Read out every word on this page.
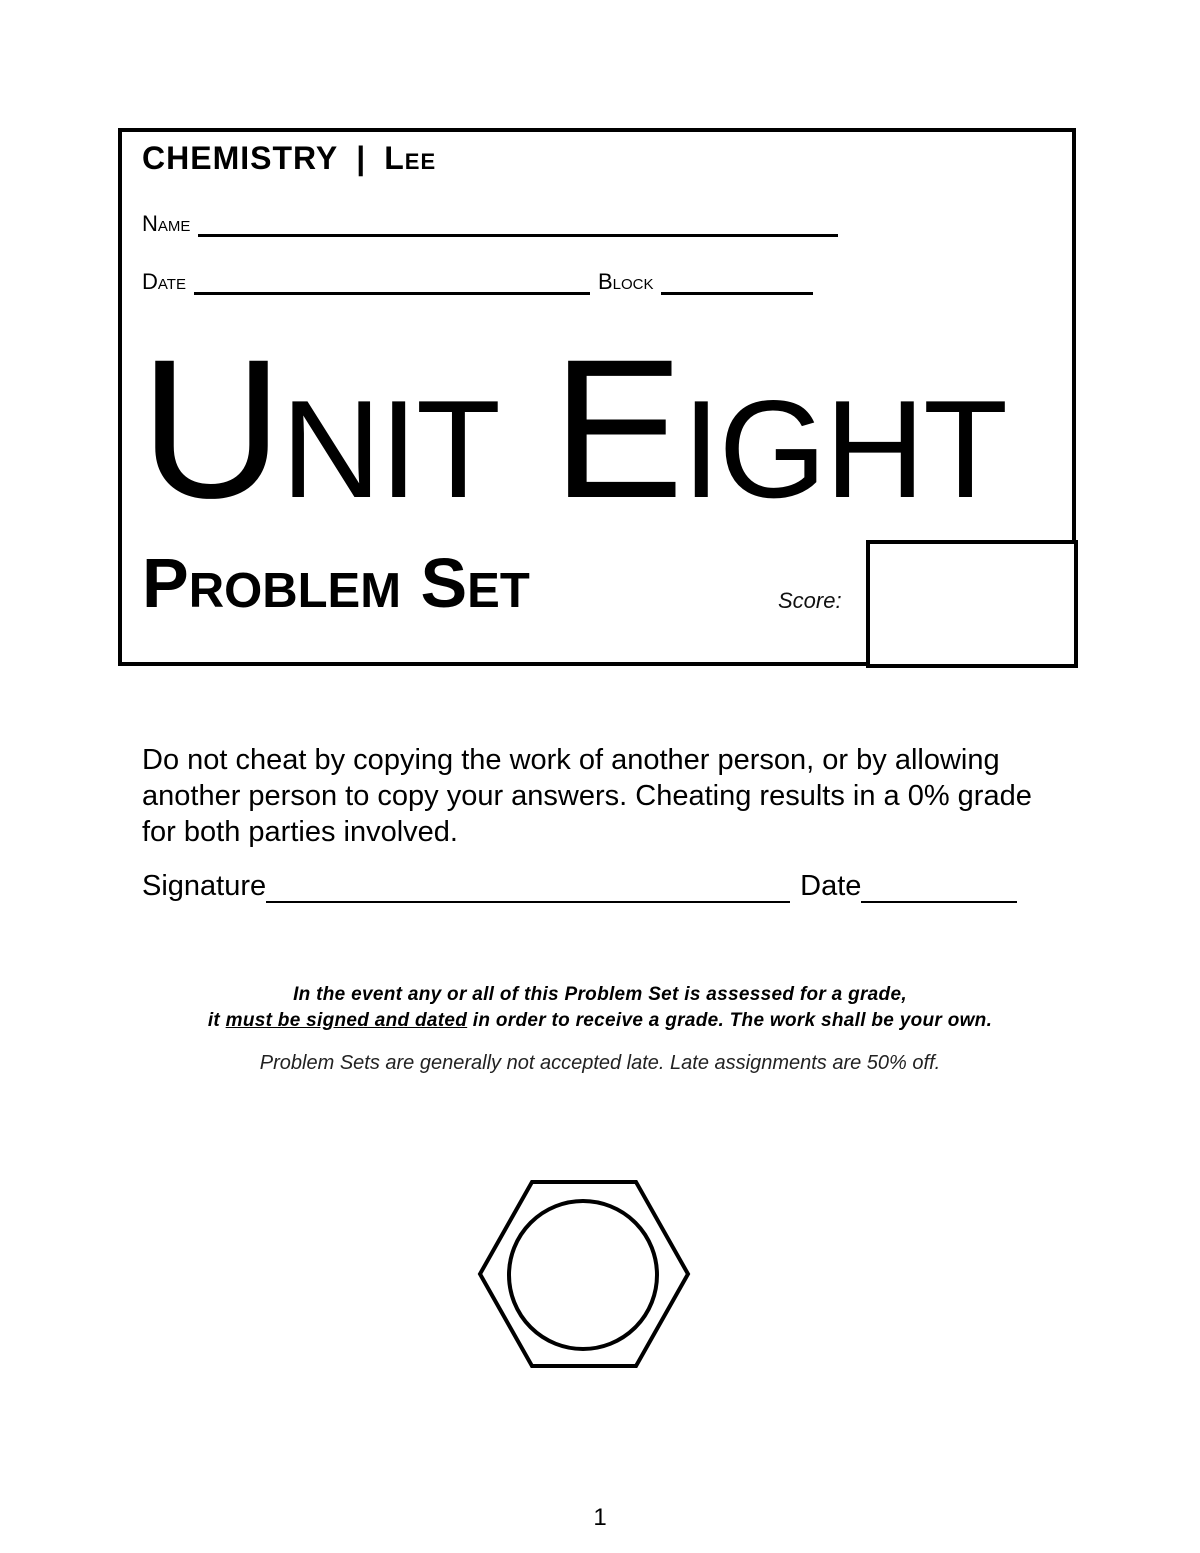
CHEMISTRY | Lee
Name
Date	Block
Unit Eight
Problem Set	Score:
Do not cheat by copying the work of another person, or by allowing another person to copy your answers. Cheating results in a 0% grade for both parties involved.
Signature	Date
In the event any or all of this Problem Set is assessed for a grade,
it must be signed and dated in order to receive a grade. The work shall be your own.
Problem Sets are generally not accepted late. Late assignments are 50% off.
1
